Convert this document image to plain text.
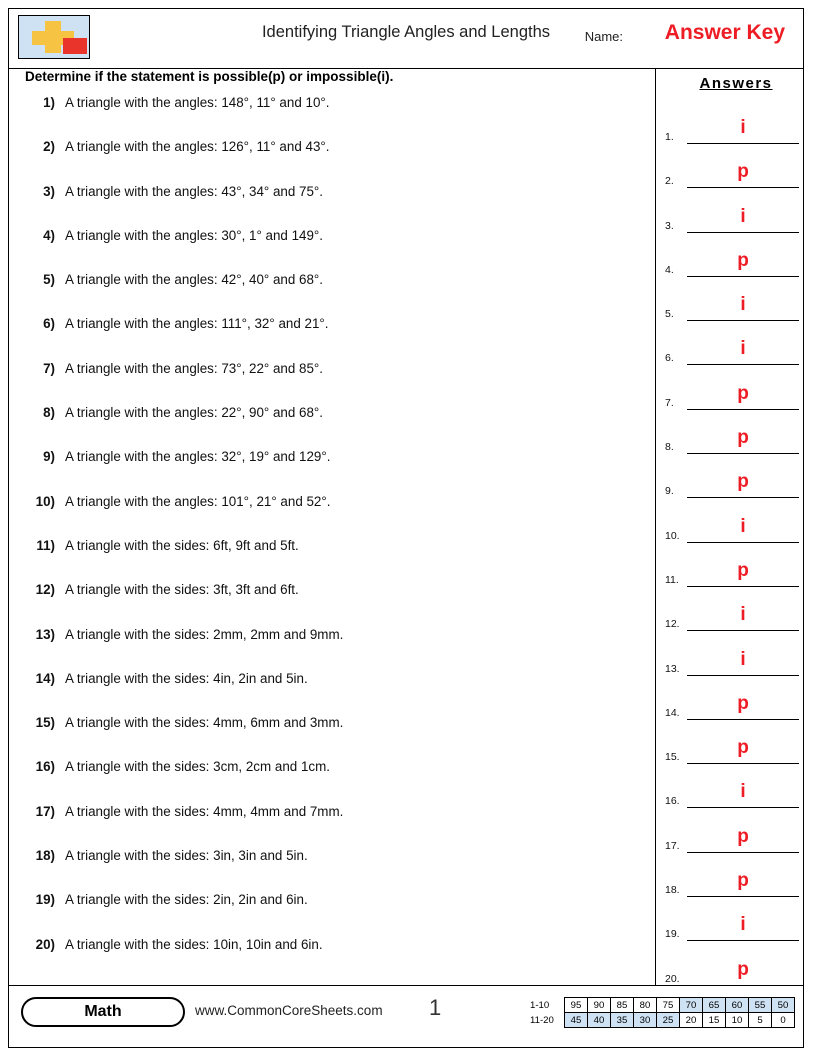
Identifying Triangle Angles and Lengths	Name: Answer Key
Determine if the statement is possible(p) or impossible(i).
1) A triangle with the angles: 148°, 11° and 10°.
2) A triangle with the angles: 126°, 11° and 43°.
3) A triangle with the angles: 43°, 34° and 75°.
4) A triangle with the angles: 30°, 1° and 149°.
5) A triangle with the angles: 42°, 40° and 68°.
6) A triangle with the angles: 111°, 32° and 21°.
7) A triangle with the angles: 73°, 22° and 85°.
8) A triangle with the angles: 22°, 90° and 68°.
9) A triangle with the angles: 32°, 19° and 129°.
10) A triangle with the angles: 101°, 21° and 52°.
11) A triangle with the sides: 6ft, 9ft and 5ft.
12) A triangle with the sides: 3ft, 3ft and 6ft.
13) A triangle with the sides: 2mm, 2mm and 9mm.
14) A triangle with the sides: 4in, 2in and 5in.
15) A triangle with the sides: 4mm, 6mm and 3mm.
16) A triangle with the sides: 3cm, 2cm and 1cm.
17) A triangle with the sides: 4mm, 4mm and 7mm.
18) A triangle with the sides: 3in, 3in and 5in.
19) A triangle with the sides: 2in, 2in and 6in.
20) A triangle with the sides: 10in, 10in and 6in.
Answers
1.	i
2.	p
3.	i
4.	p
5.	i
6.	i
7.	p
8.	p
9.	p
10.	i
11.	p
12.	i
13.	i
14.	p
15.	p
16.	i
17.	p
18.	p
19.	i
20.	p
Math	www.CommonCoreSheets.com 1	1-10	95	90	85	80	75	70	65	60	55	50
11-20	45	40	35	30	25	20	15	10	5	0
